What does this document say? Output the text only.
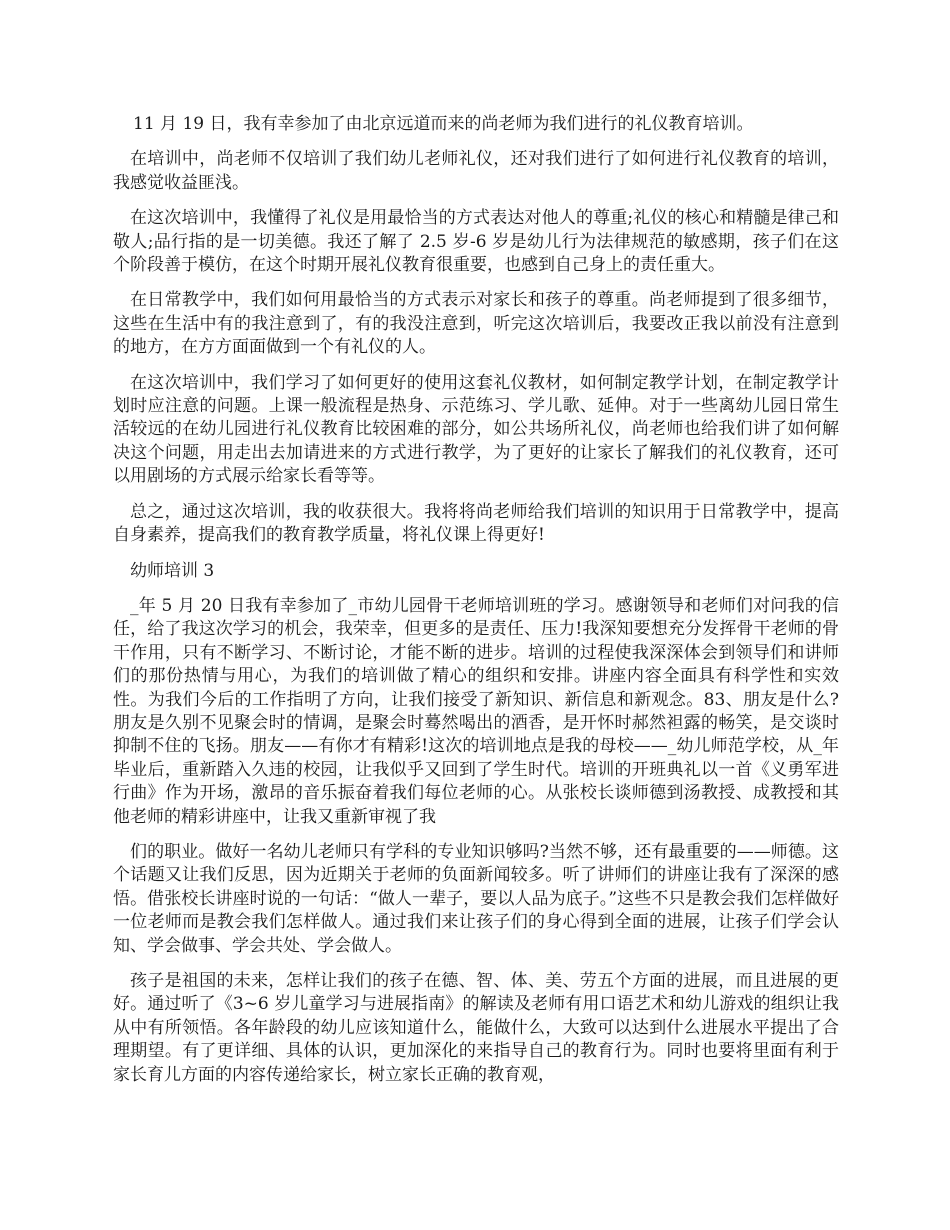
11 月 19 日，我有幸参加了由北京远道而来的尚老师为我们进行的礼仪教育培训。

在培训中，尚老师不仅培训了我们幼儿老师礼仪，还对我们进行了如何进行礼仪教育的培训，我感觉收益匪浅。

在这次培训中，我懂得了礼仪是用最恰当的方式表达对他人的尊重;礼仪的核心和精髓是律己和敬人;品行指的是一切美德。我还了解了 2.5 岁-6 岁是幼儿行为法律规范的敏感期，孩子们在这个阶段善于模仿，在这个时期开展礼仪教育很重要，也感到自己身上的责任重大。

在日常教学中，我们如何用最恰当的方式表示对家长和孩子的尊重。尚老师提到了很多细节，这些在生活中有的我注意到了，有的我没注意到，听完这次培训后，我要改正我以前没有注意到的地方，在方方面面做到一个有礼仪的人。

在这次培训中，我们学习了如何更好的使用这套礼仪教材，如何制定教学计划，在制定教学计划时应注意的问题。上课一般流程是热身、示范练习、学儿歌、延伸。对于一些离幼儿园日常生活较远的在幼儿园进行礼仪教育比较困难的部分，如公共场所礼仪，尚老师也给我们讲了如何解决这个问题，用走出去加请进来的方式进行教学，为了更好的让家长了解我们的礼仪教育，还可以用剧场的方式展示给家长看等等。

总之，通过这次培训，我的收获很大。我将将尚老师给我们培训的知识用于日常教学中，提高自身素养，提高我们的教育教学质量，将礼仪课上得更好!

幼师培训 3

_年 5 月 20 日我有幸参加了_市幼儿园骨干老师培训班的学习。感谢领导和老师们对问我的信任，给了我这次学习的机会，我荣幸，但更多的是责任、压力!我深知要想充分发挥骨干老师的骨干作用，只有不断学习、不断讨论，才能不断的进步。培训的过程使我深深体会到领导们和讲师们的那份热情与用心，为我们的培训做了精心的组织和安排。讲座内容全面具有科学性和实效性。为我们今后的工作指明了方向，让我们接受了新知识、新信息和新观念。83、朋友是什么?朋友是久别不见聚会时的情调，是聚会时蓦然喝出的酒香，是开怀时郝然袒露的畅笑，是交谈时抑制不住的飞扬。朋友——有你才有精彩!这次的培训地点是我的母校——_幼儿师范学校，从_年毕业后，重新踏入久违的校园，让我似乎又回到了学生时代。培训的开班典礼以一首《义勇军进行曲》作为开场，激昂的音乐振奋着我们每位老师的心。从张校长谈师德到汤教授、成教授和其他老师的精彩讲座中，让我又重新审视了我

们的职业。做好一名幼儿老师只有学科的专业知识够吗?当然不够，还有最重要的——师德。这个话题又让我们反思，因为近期关于老师的负面新闻较多。听了讲师们的讲座让我有了深深的感悟。借张校长讲座时说的一句话：“做人一辈子，要以人品为底子。”这些不只是教会我们怎样做好一位老师而是教会我们怎样做人。通过我们来让孩子们的身心得到全面的进展，让孩子们学会认知、学会做事、学会共处、学会做人。

孩子是祖国的未来，怎样让我们的孩子在德、智、体、美、劳五个方面的进展，而且进展的更好。通过听了《3~6 岁儿童学习与进展指南》的解读及老师有用口语艺术和幼儿游戏的组织让我从中有所领悟。各年龄段的幼儿应该知道什么，能做什么，大致可以达到什么进展水平提出了合理期望。有了更详细、具体的认识，更加深化的来指导自己的教育行为。同时也要将里面有利于家长育儿方面的内容传递给家长，树立家长正确的教育观，
